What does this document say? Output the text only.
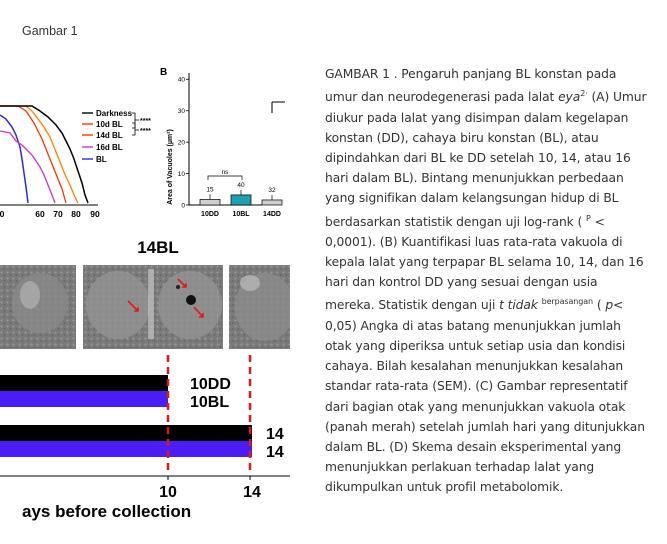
Gambar 1
0	60 70 80 90
Darkness
10d BL
14d BL
16d BL
BL
****
****
B
Area of Vacuoles (µm²)
40
30
20
10
0
15
10DD
40
10BL
32
14DD
ns
14BL
10DD
10BL
14
14
10	14
ays before collection
GAMBAR 1 . Pengaruh panjang BL konstan pada umur dan neurodegenerasi pada lalat eya$^{2\cdot}$ (A) Umur diukur pada lalat yang disimpan dalam kegelapan konstan (DD), cahaya biru konstan (BL), atau dipindahkan dari BL ke DD setelah 10, 14, atau 16 hari dalam BL). Bintang menunjukkan perbedaan yang signifikan dalam kelangsungan hidup di BL berdasarkan statistik dengan uji log-rank ( $^P$ < 0,0001). (B) Kuantifikasi luas rata-rata vakuola di kepala lalat yang terpapar BL selama 10, 14, dan 16 hari dan kontrol DD yang sesuai dengan usia mereka. Statistik dengan uji t tidak $^{berpasangan}$ ( p< 0,05) Angka di atas batang menunjukkan jumlah otak yang diperiksa untuk setiap usia dan kondisi cahaya. Bilah kesalahan menunjukkan kesalahan standar rata-rata (SEM). (C) Gambar representatif dari bagian otak yang menunjukkan vakuola otak (panah merah) setelah jumlah hari yang ditunjukkan dalam BL. (D) Skema desain eksperimental yang menunjukkan perlakuan terhadap lalat yang dikumpulkan untuk profil metabolomik.
